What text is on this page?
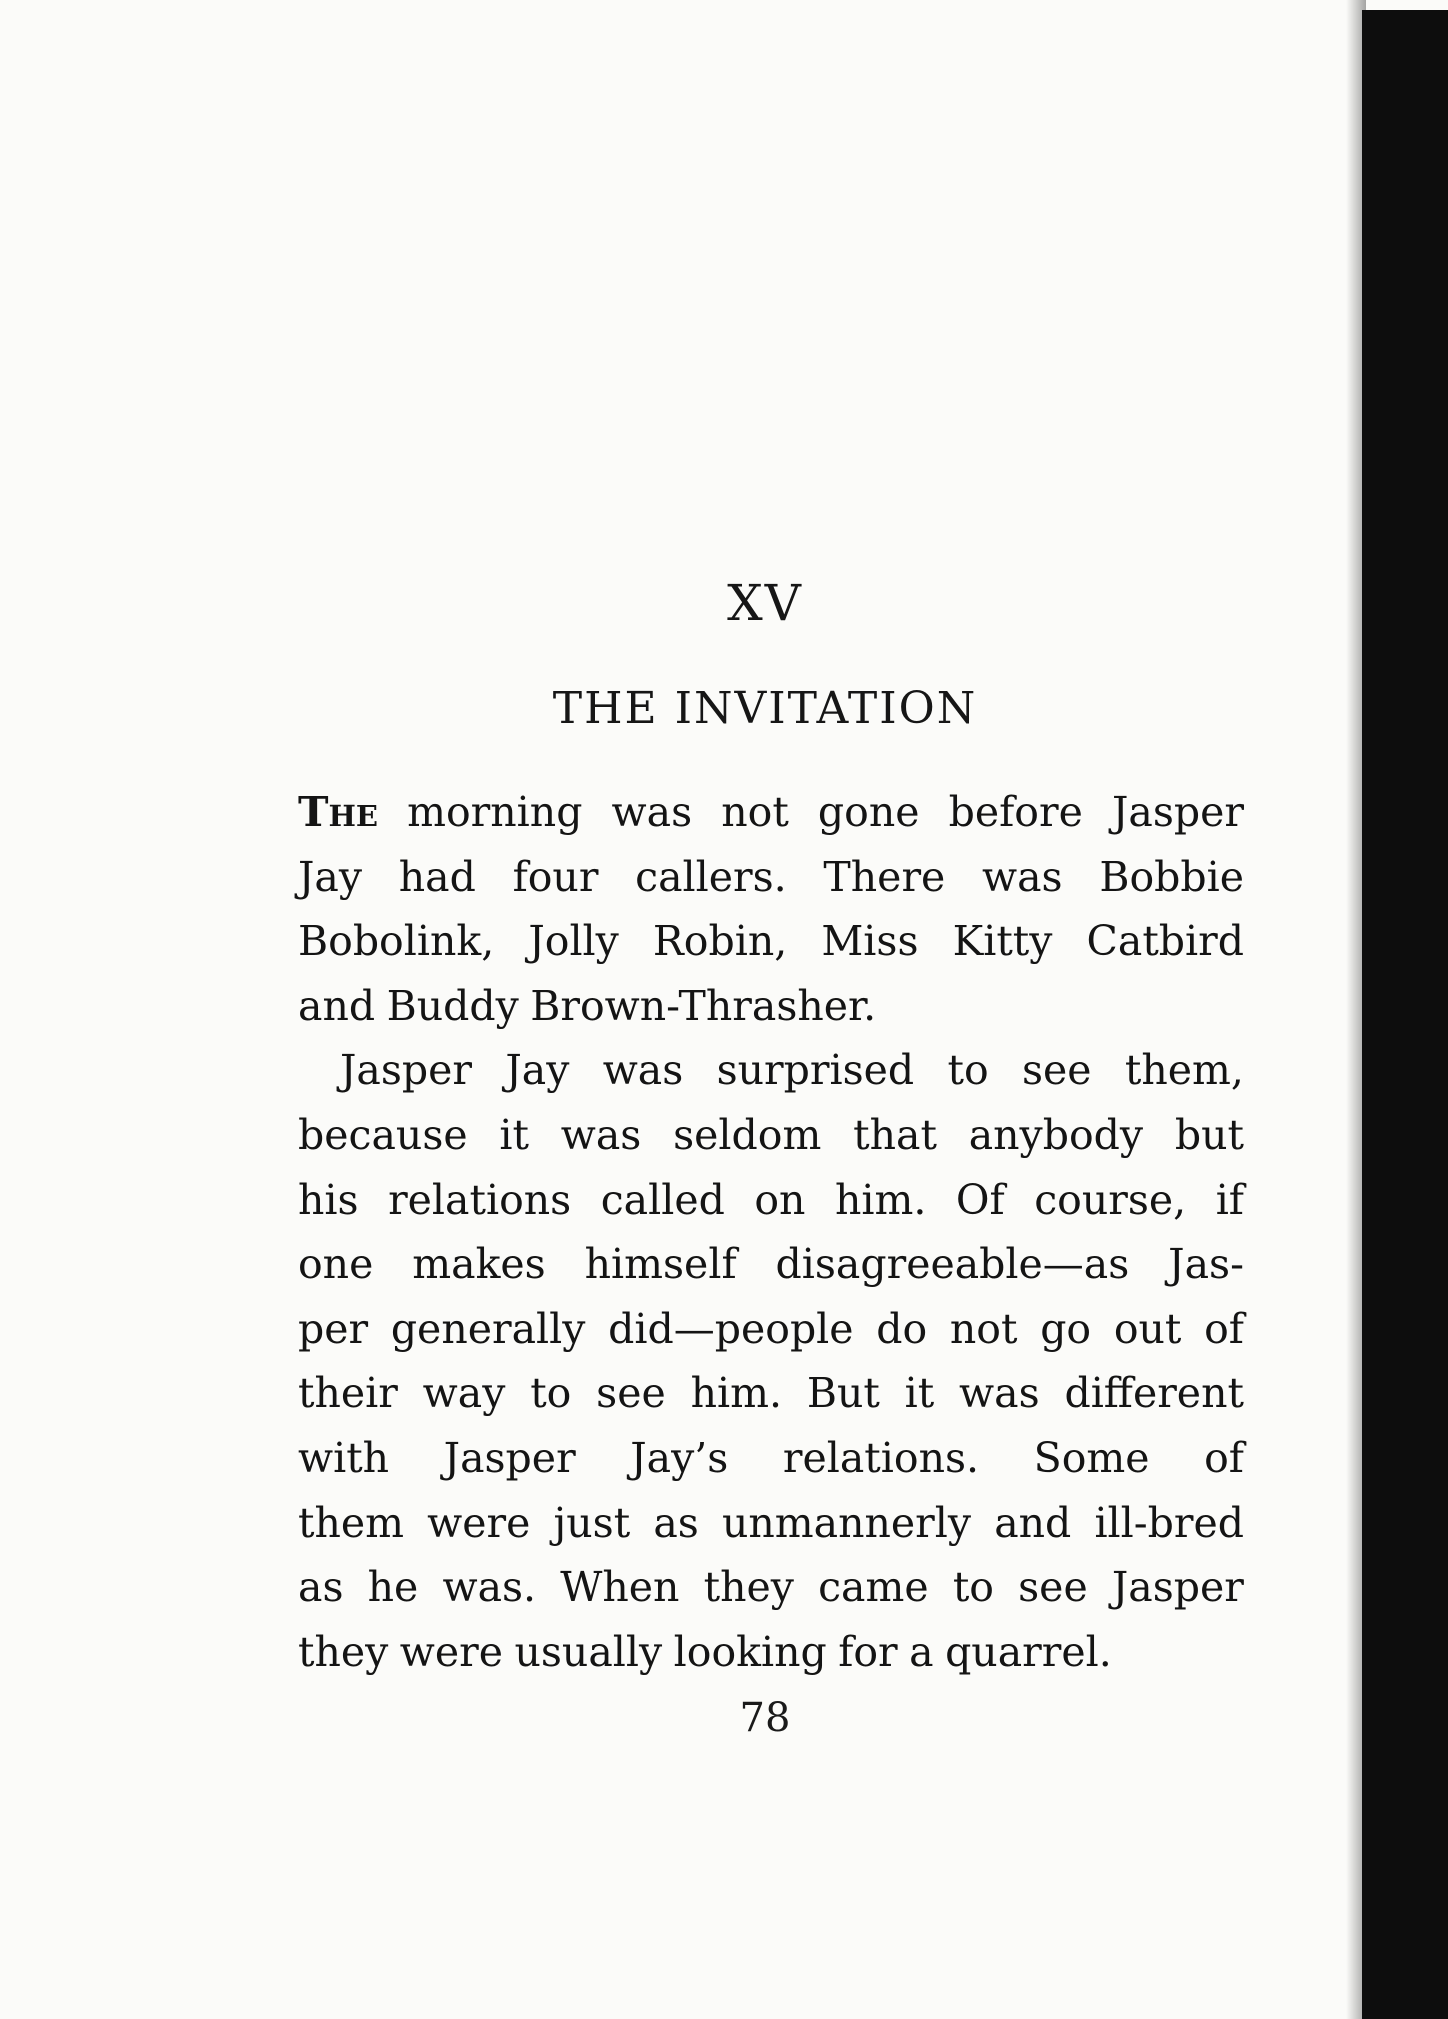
XV
THE INVITATION
The morning was not gone before Jasper
Jay had four callers. There was Bobbie
Bobolink, Jolly Robin, Miss Kitty Catbird
and Buddy Brown-Thrasher.
Jasper Jay was surprised to see them,
because it was seldom that anybody but
his relations called on him. Of course, if
one makes himself disagreeable—as Jas-
per generally did—people do not go out of
their way to see him. But it was different
with Jasper Jay’s relations. Some of
them were just as unmannerly and ill-bred
as he was. When they came to see Jasper
they were usually looking for a quarrel.
78
